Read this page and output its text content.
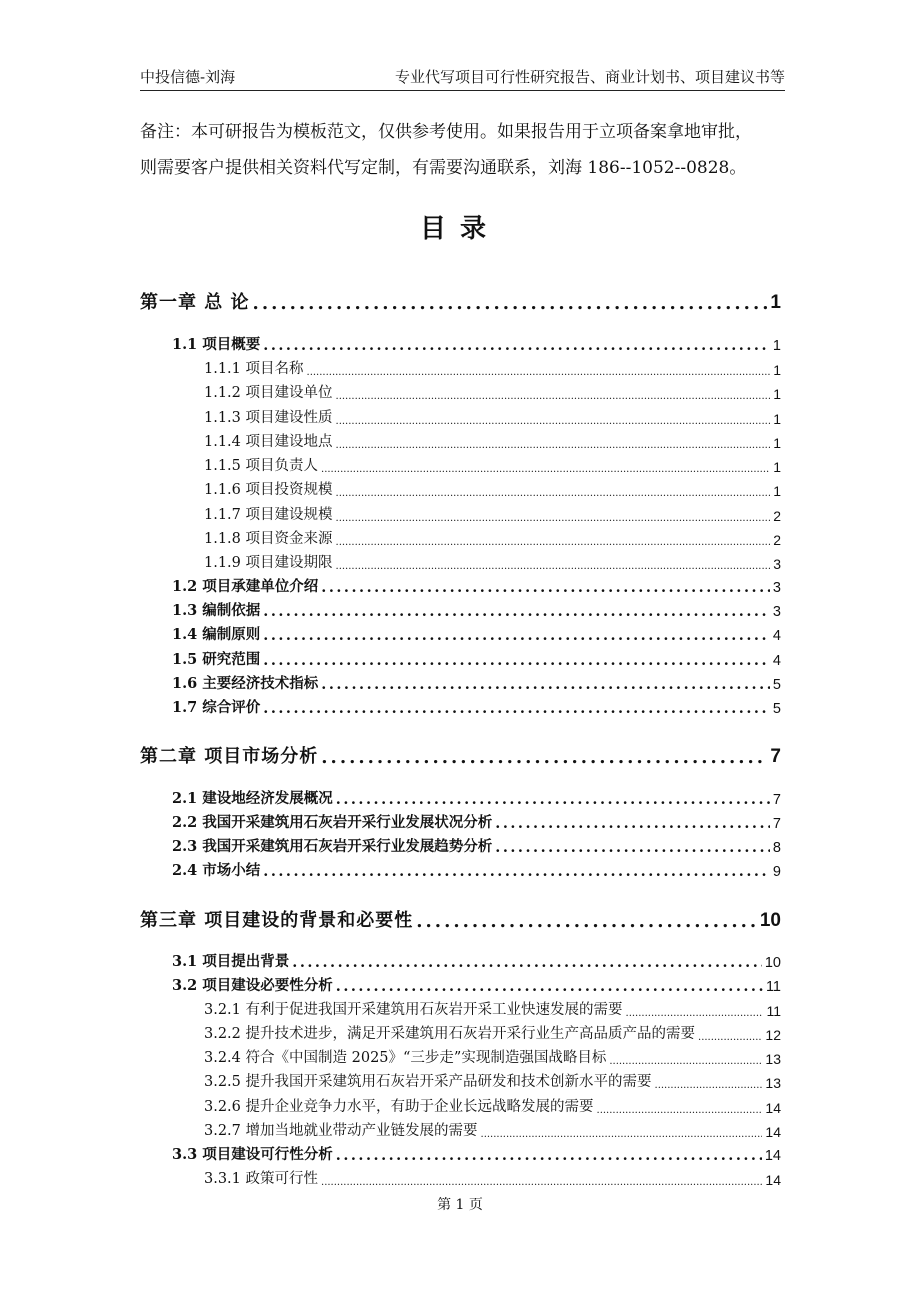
中投信德-刘海	专业代写项目可行性研究报告、商业计划书、项目建议书等
备注：本可研报告为模板范文，仅供参考使用。如果报告用于立项备案拿地审批，
则需要客户提供相关资料代写定制，有需要沟通联系，刘海 186--1052--0828。
目录
第一章 总 论 .....	1
1.1 项目概要 .....	1
1.1.1 项目名称 .....	1
1.1.2 项目建设单位 .....	1
1.1.3 项目建设性质 .....	1
1.1.4 项目建设地点 .....	1
1.1.5 项目负责人 .....	1
1.1.6 项目投资规模 .....	1
1.1.7 项目建设规模 .....	2
1.1.8 项目资金来源 .....	2
1.1.9 项目建设期限 .....	3
1.2 项目承建单位介绍 .....	3
1.3 编制依据 .....	3
1.4 编制原则 .....	4
1.5 研究范围 .....	4
1.6 主要经济技术指标 .....	5
1.7 综合评价 .....	5
第二章 项目市场分析 .....	7
2.1 建设地经济发展概况 .....	7
2.2 我国开采建筑用石灰岩开采行业发展状况分析 .....	7
2.3 我国开采建筑用石灰岩开采行业发展趋势分析 .....	8
2.4 市场小结 .....	9
第三章 项目建设的背景和必要性 .....	10
3.1 项目提出背景 .....	10
3.2 项目建设必要性分析 .....	11
3.2.1 有利于促进我国开采建筑用石灰岩开采工业快速发展的需要 .....	11
3.2.2 提升技术进步，满足开采建筑用石灰岩开采行业生产高品质产品的需要 .....	12
3.2.4 符合《中国制造 2025》“三步走”实现制造强国战略目标 .....	13
3.2.5 提升我国开采建筑用石灰岩开采产品研发和技术创新水平的需要 .....	13
3.2.6 提升企业竞争力水平，有助于企业长远战略发展的需要 .....	14
3.2.7 增加当地就业带动产业链发展的需要 .....	14
3.3 项目建设可行性分析 .....	14
3.3.1 政策可行性 .....	14
第 1 页
